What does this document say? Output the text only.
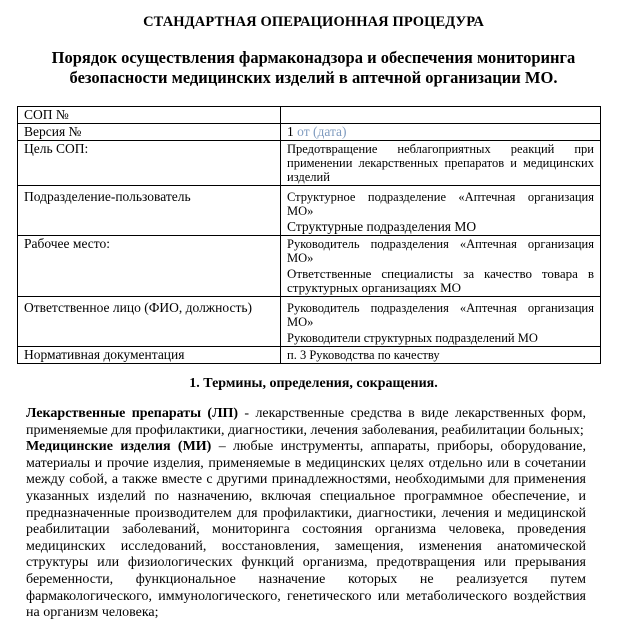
СТАНДАРТНАЯ ОПЕРАЦИОННАЯ ПРОЦЕДУРА
Порядок осуществления фармаконадзора и обеспечения мониторинга безопасности медицинских изделий в аптечной организации МО.
СОП №	
Версия №	1 от (дата)
Цель СОП:	Предотвращение неблагоприятных реакций при применении лекарственных препаратов и медицинских изделий
Подразделение-пользователь	Структурное подразделение «Аптечная организация МО»
Структурные подразделения МО

Рабочее место:	Руководитель подразделения «Аптечная организация МО»
Ответственные специалисты за качество товара в структурных организациях МО

Ответственное лицо (ФИО, должность)	Руководитель подразделения «Аптечная организация МО»
Руководители структурных подразделений МО

Нормативная документация	п. 3 Руководства по качеству
1. Термины, определения, сокращения.

Лекарственные препараты (ЛП) - лекарственные средства в виде лекарственных форм, применяемые для профилактики, диагностики, лечения заболевания, реабилитации больных;

Медицинские изделия (МИ) – любые инструменты, аппараты, приборы, оборудование, материалы и прочие изделия, применяемые в медицинских целях отдельно или в сочетании между собой, а также вместе с другими принадлежностями, необходимыми для применения указанных изделий по назначению, включая специальное программное обеспечение, и предназначенные производителем для профилактики, диагностики, лечения и медицинской реабилитации заболеваний, мониторинга состояния организма человека, проведения медицинских исследований, восстановления, замещения, изменения анатомической структуры или физиологических функций организма, предотвращения или прерывания беременности, функциональное назначение которых не реализуется путем фармакологического, иммунологического, генетического или метаболического воздействия на организм человека;
